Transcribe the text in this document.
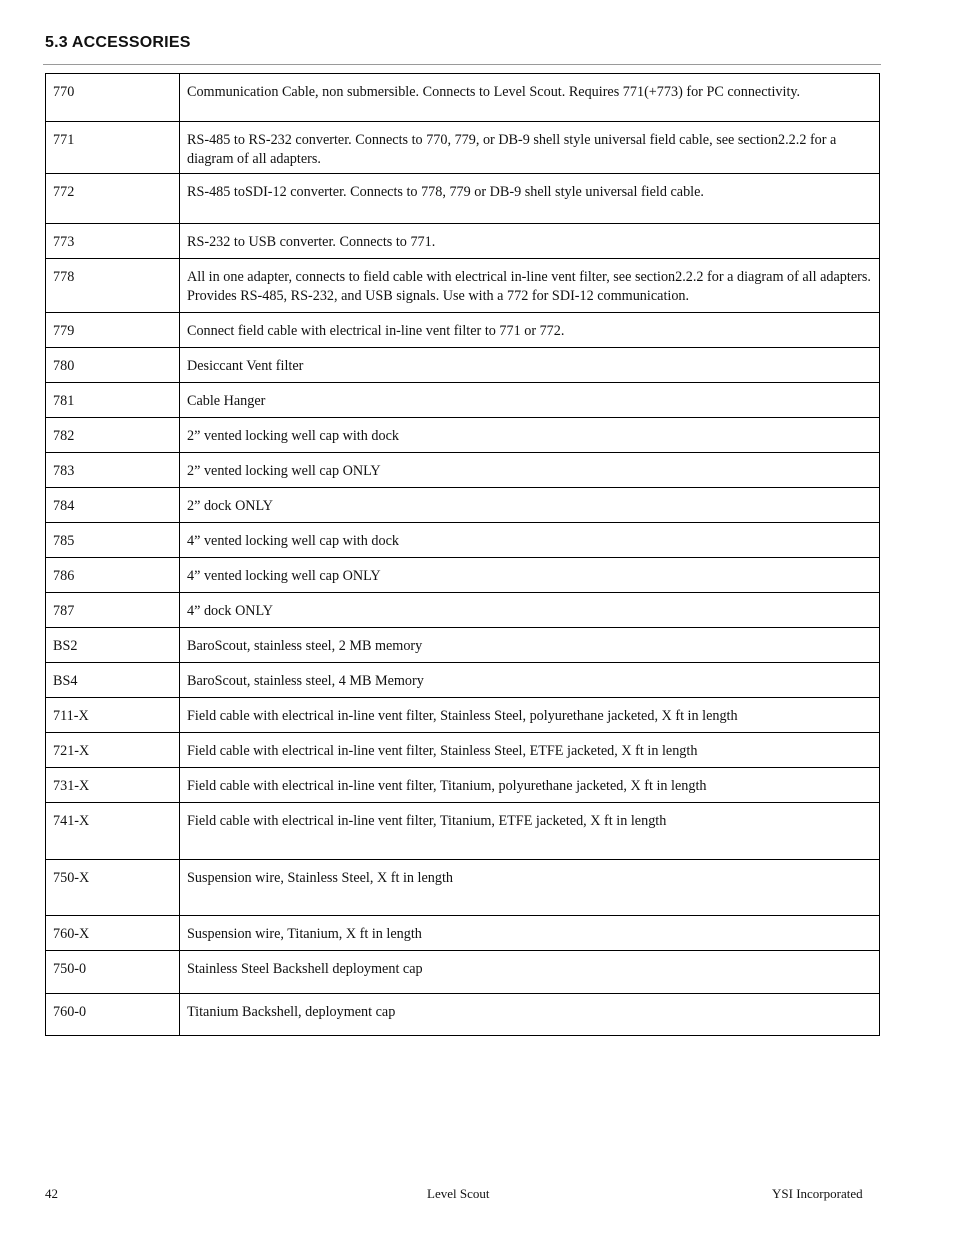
5.3 ACCESSORIES
770	Communication Cable, non submersible. Connects to Level Scout. Requires 771(+773) for PC connectivity.
771	RS-485 to RS-232 converter. Connects to 770, 779, or DB-9 shell style universal field cable, see section2.2.2 for a diagram of all adapters.
772	RS-485 toSDI-12 converter. Connects to 778, 779 or DB-9 shell style universal field cable.
773	RS-232 to USB converter. Connects to 771.
778	All in one adapter, connects to field cable with electrical in-line vent filter, see section2.2.2 for a diagram of all adapters. Provides RS-485, RS-232, and USB signals. Use with a 772 for SDI-12 communication.
779	Connect field cable with electrical in-line vent filter to 771 or 772.
780	Desiccant Vent filter
781	Cable Hanger
782	2” vented locking well cap with dock
783	2” vented locking well cap ONLY
784	2” dock ONLY
785	4” vented locking well cap with dock
786	4” vented locking well cap ONLY
787	4” dock ONLY
BS2	BaroScout, stainless steel, 2 MB memory
BS4	BaroScout, stainless steel, 4 MB Memory
711-X	Field cable with electrical in-line vent filter, Stainless Steel, polyurethane jacketed, X ft in length
721-X	Field cable with electrical in-line vent filter, Stainless Steel, ETFE jacketed, X ft in length
731-X	Field cable with electrical in-line vent filter, Titanium, polyurethane jacketed, X ft in length
741-X	Field cable with electrical in-line vent filter, Titanium, ETFE jacketed, X ft in length
750-X	Suspension wire, Stainless Steel, X ft in length
760-X	Suspension wire, Titanium, X ft in length
750-0	Stainless Steel Backshell deployment cap
760-0	Titanium Backshell, deployment cap
42	Level Scout	YSI Incorporated
